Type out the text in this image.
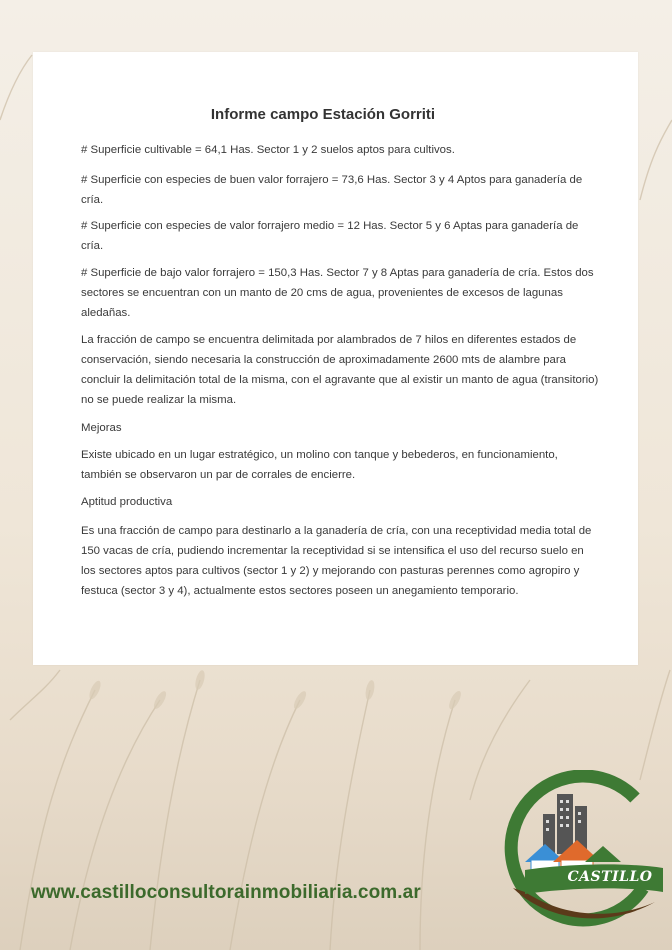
Informe campo Estación Gorriti

# Superficie cultivable = 64,1 Has. Sector 1 y 2 suelos aptos para cultivos.

# Superficie con especies de buen valor forrajero = 73,6 Has. Sector 3 y 4 Aptos para ganadería de cría.

# Superficie con especies de valor forrajero medio = 12 Has. Sector 5 y 6 Aptas para ganadería de cría.

# Superficie de bajo valor forrajero = 150,3 Has. Sector 7 y 8 Aptas para ganadería de cría. Estos dos sectores se encuentran con un manto de 20 cms de agua, provenientes de excesos de lagunas aledañas.

La fracción de campo se encuentra delimitada por alambrados de 7 hilos en diferentes estados de conservación, siendo necesaria la construcción de aproximadamente 2600 mts de alambre para concluir la delimitación total de la misma, con el agravante que al existir un manto de agua (transitorio) no se puede realizar la misma.

Mejoras

Existe ubicado en un lugar estratégico, un molino con tanque y bebederos, en funcionamiento, también se observaron un par de corrales de encierre.

Aptitud productiva

Es una fracción de campo para destinarlo a la ganadería de cría, con una receptividad media total de 150 vacas de cría, pudiendo incrementar la receptividad si se intensifica el uso del recurso suelo en los sectores aptos para cultivos (sector 1 y 2) y mejorando con pasturas perennes como agropiro y festuca (sector 3 y 4), actualmente estos sectores poseen un anegamiento temporario.

www.castilloconsultorainmobiliaria.com.ar
CASTILLO
